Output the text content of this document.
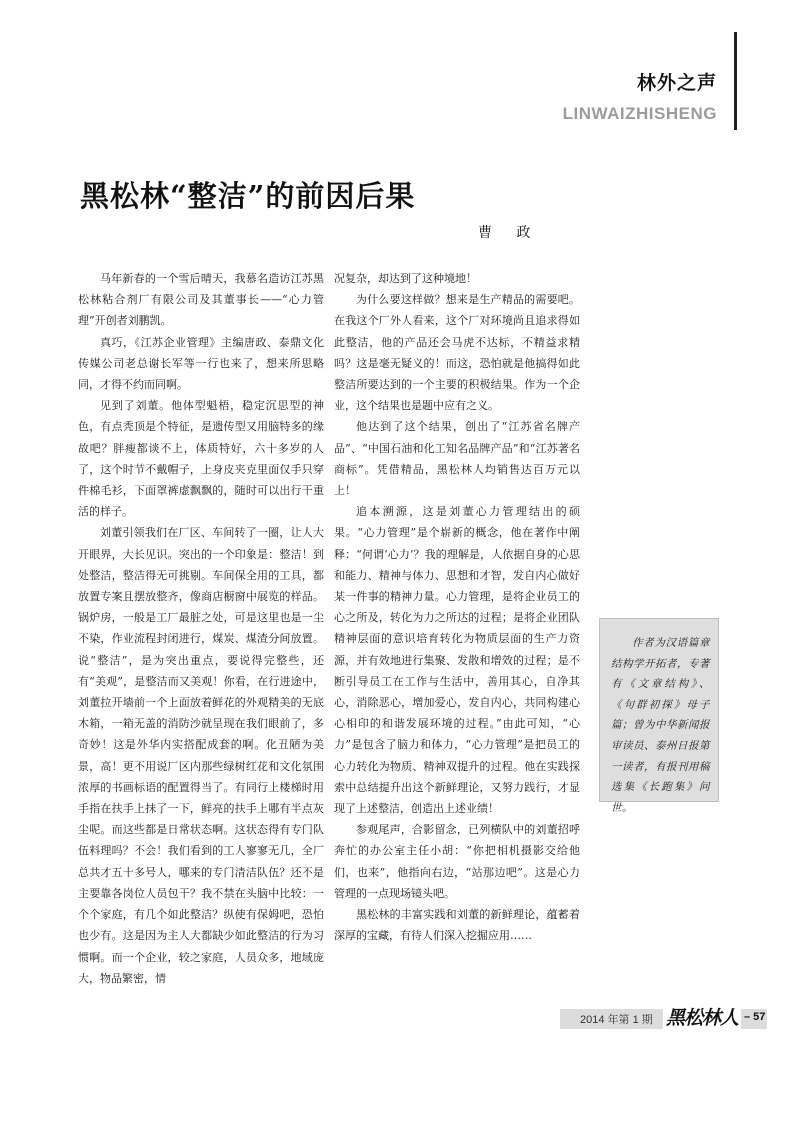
林外之声
LINWAIZHISHENG
黑松林“整洁”的前因后果
曹 政

马年新春的一个雪后晴天，我慕名造访江苏黑松林粘合剂厂有限公司及其董事长——“心力管理”开创者刘鹏凯。

真巧，《江苏企业管理》主编唐政、泰鼎文化传媒公司老总谢长军等一行也来了，想来所思略同，才得不约而同啊。

见到了刘董。他体型魁梧，稳定沉思型的神色，有点秃顶是个特征，是遗传型又用脑特多的缘故吧？胖瘦都谈不上，体质特好，六十多岁的人了，这个时节不戴帽子，上身皮夹克里面仅手只穿件棉毛衫，下面罩裤虚飘飘的，随时可以出行干重活的样子。

刘董引领我们在厂区、车间转了一圈，让人大开眼界，大长见识。突出的一个印象是：整洁！到处整洁，整洁得无可挑剔。车间保全用的工具，都放置专案且摆放整齐，像商店橱窗中展览的样品。锅炉房，一般是工厂最脏之处，可是这里也是一尘不染，作业流程封闭进行，煤炭、煤渣分间放置。说“整洁”，是为突出重点，要说得完整些，还有“美观”，是整洁而又美观！你看，在行进途中，刘董拉开墙前一个上面放着鲜花的外观精美的无底木箱，一箱无盖的消防沙就呈现在我们眼前了，多奇妙！这是外华内实搭配成套的啊。化丑陋为美景，高！更不用说厂区内那些绿树红花和文化氛围浓厚的书画标语的配置得当了。有同行上楼梯时用手指在扶手上抹了一下，鲜亮的扶手上哪有半点灰尘呢。而这些都是日常状态啊。这状态得有专门队伍料理吗？不会！我们看到的工人寥寥无几，全厂总共才五十多号人，哪来的专门清洁队伍？还不是主要靠各岗位人员包干？我不禁在头脑中比较：一个个家庭，有几个如此整洁？纵使有保姆吧，恐怕也少有。这是因为主人大都缺少如此整洁的行为习惯啊。而一个企业，较之家庭，人员众多，地域庞大，物品繁密，情

况复杂，却达到了这种境地！

为什么要这样做？想来是生产精品的需要吧。在我这个厂外人看来，这个厂对环境尚且追求得如此整洁，他的产品还会马虎不达标，不精益求精吗？这是毫无疑义的！而这，恐怕就是他搞得如此整洁所要达到的一个主要的积极结果。作为一个企业，这个结果也是题中应有之义。

他达到了这个结果，创出了“江苏省名牌产品”、“中国石油和化工知名品牌产品”和“江苏著名商标”。凭借精品，黑松林人均销售达百万元以上！

追本溯源，这是刘董心力管理结出的硕果。“心力管理”是个崭新的概念，他在著作中阐释：“何谓‘心力’？我的理解是，人依据自身的心思和能力、精神与体力、思想和才智，发自内心做好某一件事的精神力量。心力管理，是将企业员工的心之所及，转化为力之所达的过程；是将企业团队精神层面的意识培育转化为物质层面的生产力资源，并有效地进行集聚、发散和增效的过程；是不断引导员工在工作与生活中，善用其心，自净其心，消除恶心，增加爱心，发自内心，共同构建心心相印的和谐发展环境的过程。”由此可知，“心力”是包含了脑力和体力，“心力管理”是把员工的心力转化为物质、精神双提升的过程。他在实践探索中总结提升出这个新鲜理论，又努力践行，才显现了上述整洁，创造出上述业绩！

参观尾声，合影留念，已列横队中的刘董招呼奔忙的办公室主任小胡：“你把相机摄影交给他们，也来”，他指向右边，“站那边吧”。这是心力管理的一点现场镜头吧。

黑松林的丰富实践和刘董的新鲜理论，蕴蓄着深厚的宝藏，有待人们深入挖掘应用……

作者为汉语篇章结构学开拓者，专著有《文章结构》、《句群初探》母子篇；曾为中华新闻报审读员、泰州日报第一读者，有报刊用稿选集《长跑集》问世。

2014 年第 1 期 黑松林人 – 57
